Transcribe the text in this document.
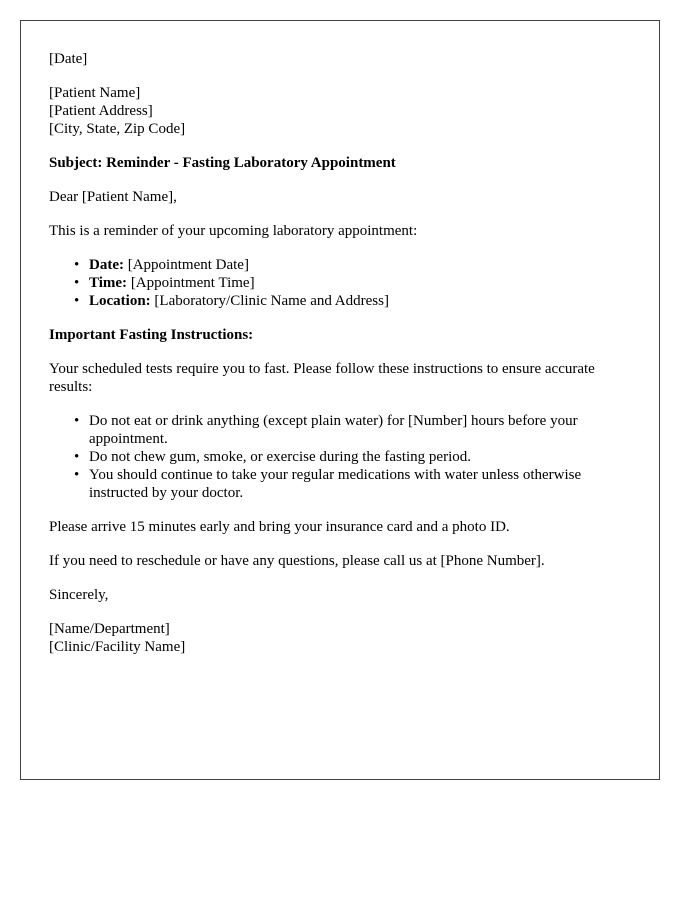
[Date]

[Patient Name]
[Patient Address]
[City, State, Zip Code]

Subject: Reminder - Fasting Laboratory Appointment

Dear [Patient Name],

This is a reminder of your upcoming laboratory appointment:

• Date: [Appointment Date]
• Time: [Appointment Time]
• Location: [Laboratory/Clinic Name and Address]

Important Fasting Instructions:

Your scheduled tests require you to fast. Please follow these instructions to ensure accurate results:

• Do not eat or drink anything (except plain water) for [Number] hours before your appointment.
• Do not chew gum, smoke, or exercise during the fasting period.
• You should continue to take your regular medications with water unless otherwise instructed by your doctor.

Please arrive 15 minutes early and bring your insurance card and a photo ID.

If you need to reschedule or have any questions, please call us at [Phone Number].

Sincerely,

[Name/Department]
[Clinic/Facility Name]
